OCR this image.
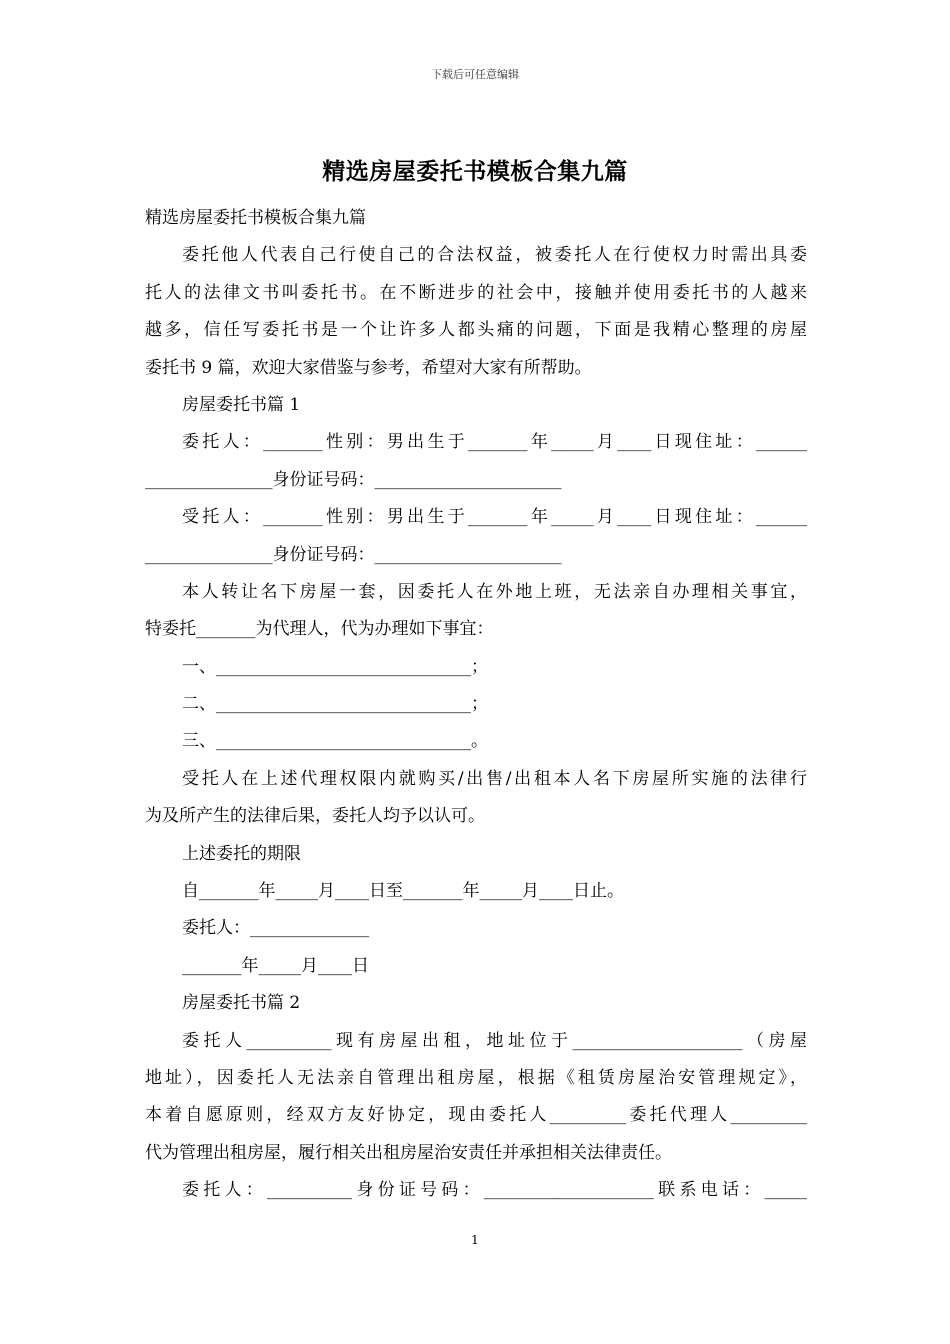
下载后可任意编辑
精选房屋委托书模板合集九篇
精选房屋委托书模板合集九篇
委托他人代表自己行使自己的合法权益，被委托人在行使权力时需出具委
托人的法律文书叫委托书。在不断进步的社会中，接触并使用委托书的人越来
越多，信任写委托书是一个让许多人都头痛的问题，下面是我精心整理的房屋
委托书 9 篇，欢迎大家借鉴与参考，希望对大家有所帮助。
房屋委托书篇 1
委托人：_______性别：男出生于_______年_____月____日现住址：______
_______________身份证号码：______________________
受托人：_______性别：男出生于_______年_____月____日现住址：______
_______________身份证号码：______________________
本人转让名下房屋一套，因委托人在外地上班，无法亲自办理相关事宜，
特委托_______为代理人，代为办理如下事宜：
一、______________________________；
二、______________________________；
三、______________________________。
受托人在上述代理权限内就购买/出售/出租本人名下房屋所实施的法律行
为及所产生的法律后果，委托人均予以认可。
上述委托的期限
自_______年_____月____日至_______年_____月____日止。
委托人：______________
_______年_____月____日
房屋委托书篇 2
委托人__________现有房屋出租，地址位于____________________（房屋
地址），因委托人无法亲自管理出租房屋，根据《租赁房屋治安管理规定》，
本着自愿原则，经双方友好协定，现由委托人_________委托代理人_________
代为管理出租房屋，履行相关出租房屋治安责任并承担相关法律责任。
委托人：__________身份证号码：____________________联系电话：_____
1
